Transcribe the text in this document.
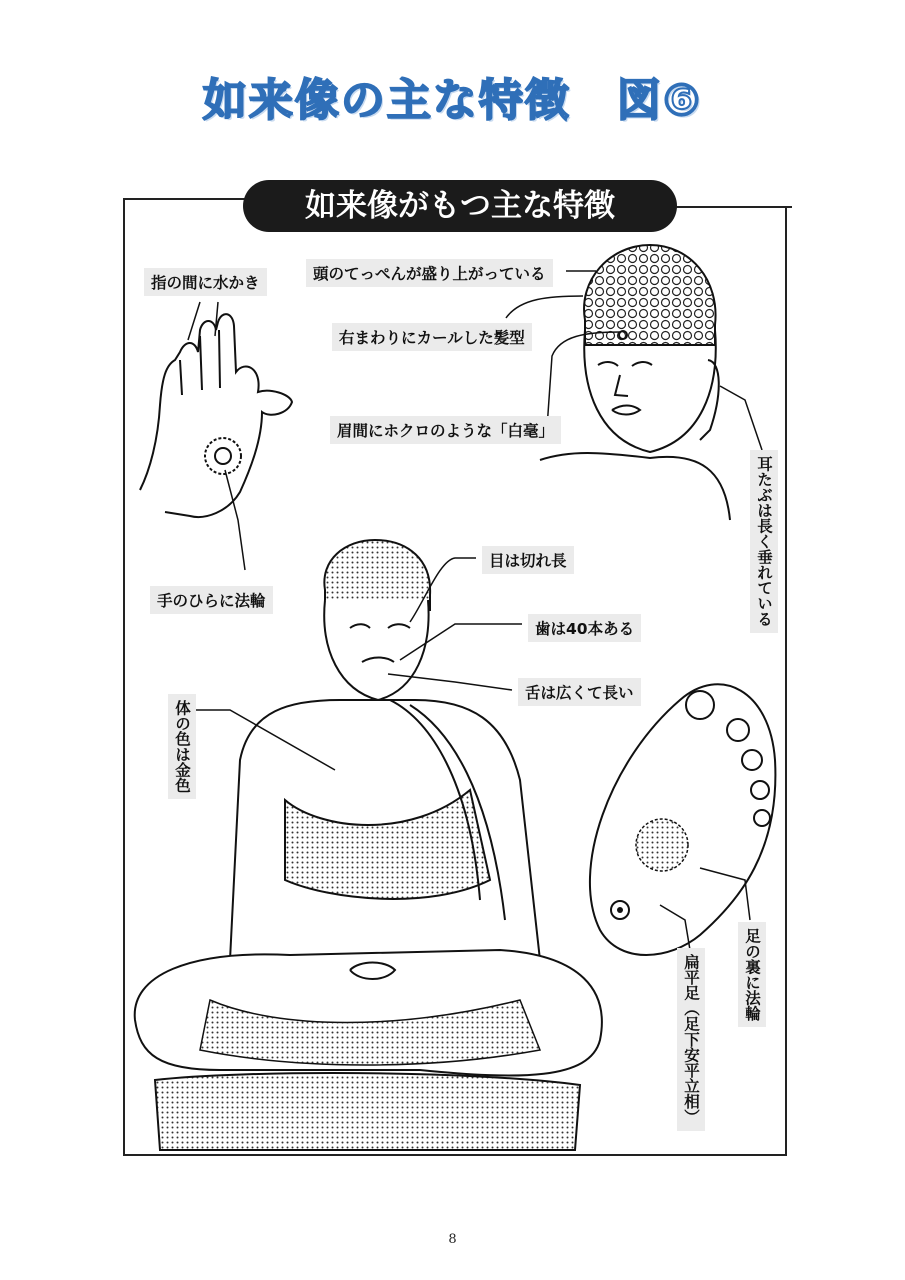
如来像の主な特徴　図⑥
如来像がもつ主な特徴
指の間に水かき	頭のてっぺんが盛り上がっている
右まわりにカールした髪型
眉間にホクロのような「白毫」
耳たぶは長く垂れている
手のひらに法輪
目は切れ長
歯は40本ある
舌は広くて長い
体の色は金色
足の裏に法輪
扁平足（足下安平立相）
8
